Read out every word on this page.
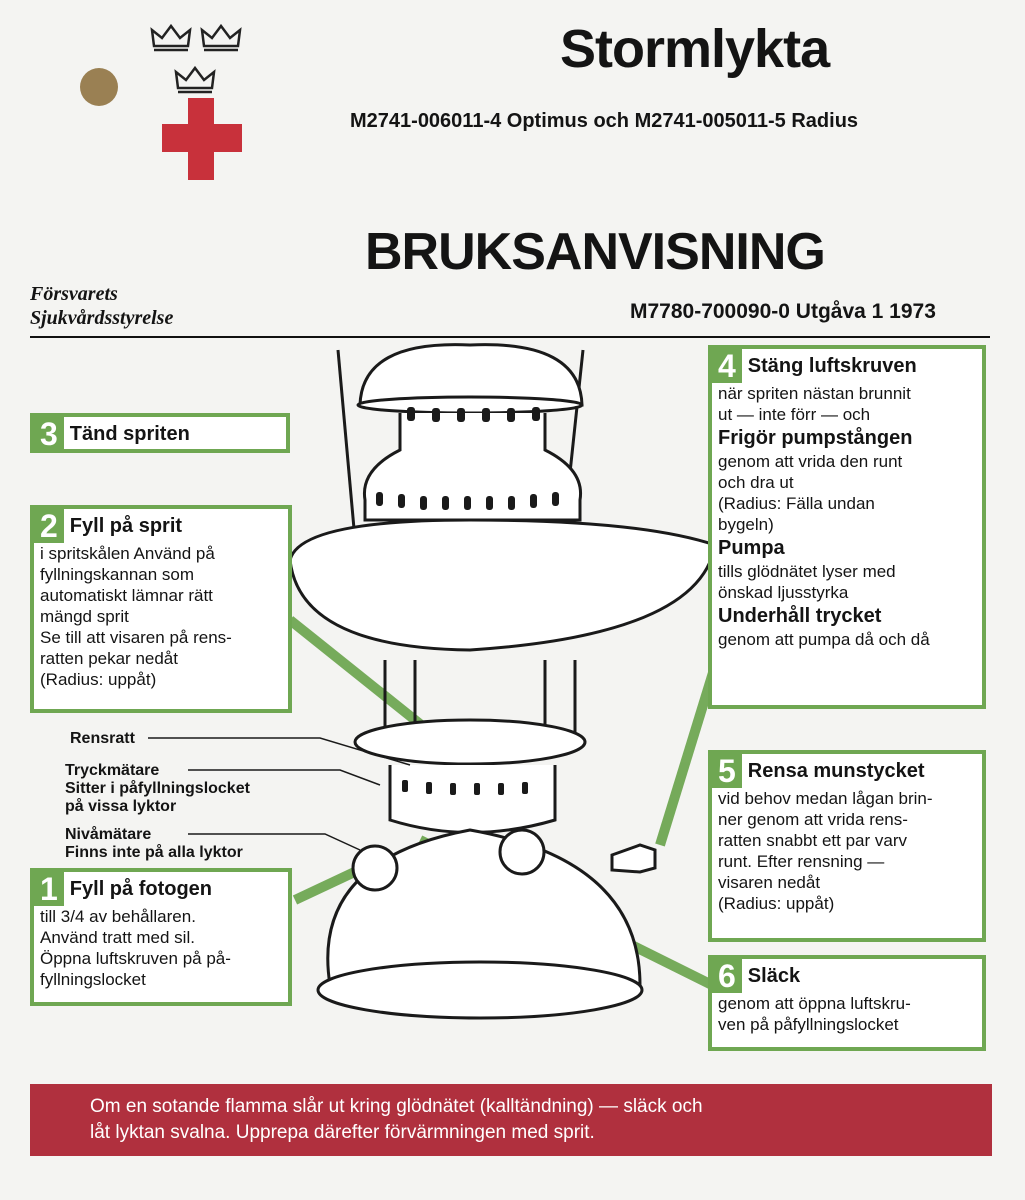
Stormlykta
M2741-006011-4 Optimus och M2741-005011-5 Radius
BRUKSANVISNING
Försvarets
Sjukvårdsstyrelse	M7780-700090-0 Utgåva 1 1973
3 Tänd spriten
2 Fyll på sprit
i spritskålen Använd på
fyllningskannan som
automatiskt lämnar rätt
mängd sprit
Se till att visaren på rens-
ratten pekar nedåt
(Radius: uppåt)
Rensratt
Tryckmätare
Sitter i påfyllningslocket
på vissa lyktor
Nivåmätare
Finns inte på alla lyktor
1 Fyll på fotogen
till 3/4 av behållaren.
Använd tratt med sil.
Öppna luftskruven på på-
fyllningslocket
4 Stäng luftskruven
när spriten nästan brunnit
ut — inte förr — och
Frigör pumpstången
genom att vrida den runt
och dra ut
(Radius: Fälla undan
bygeln)
Pumpa
tills glödnätet lyser med
önskad ljusstyrka
Underhåll trycket
genom att pumpa då och då
5 Rensa munstycket
vid behov medan lågan brin-
ner genom att vrida rens-
ratten snabbt ett par varv
runt. Efter rensning —
visaren nedåt
(Radius: uppåt)
6 Släck
genom att öppna luftskru-
ven på påfyllningslocket
Om en sotande flamma slår ut kring glödnätet (kalltändning) — släck och
låt lyktan svalna. Upprepa därefter förvärmningen med sprit.
